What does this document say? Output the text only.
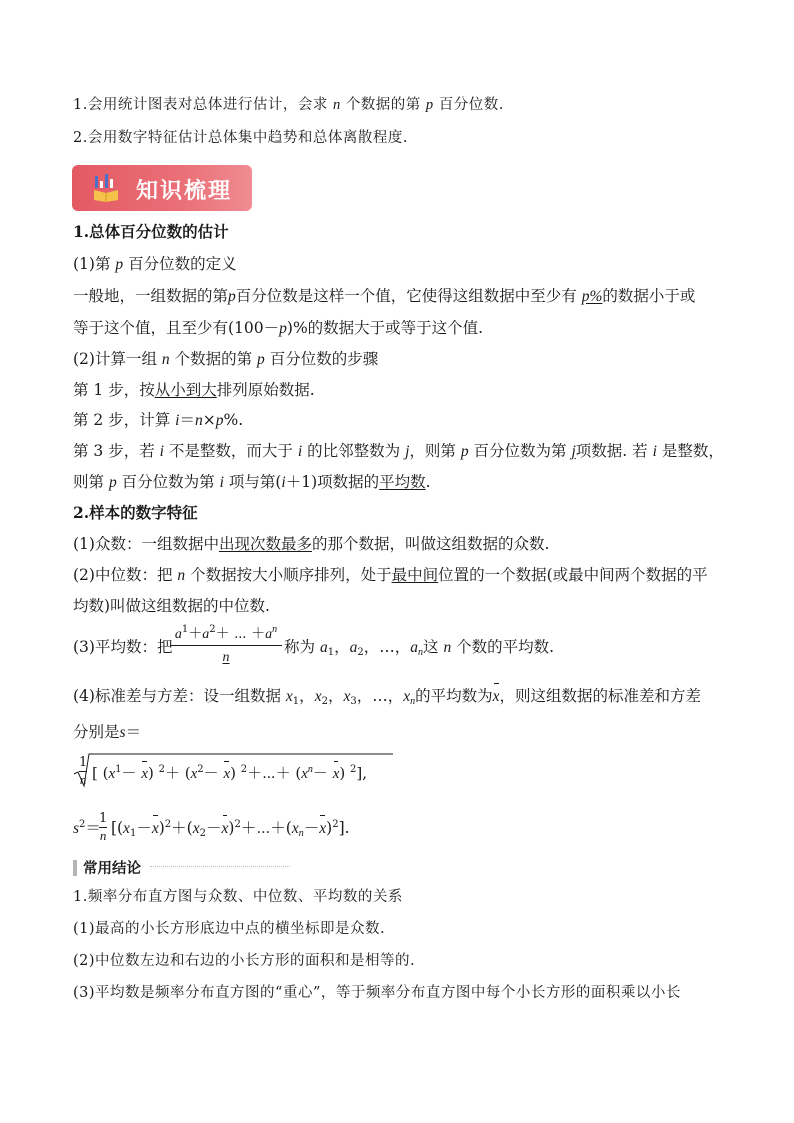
1.会用统计图表对总体进行估计，会求 n 个数据的第 p 百分位数.
2.会用数字特征估计总体集中趋势和总体离散程度.
知识梳理
1.总体百分位数的估计
(1)第 p 百分位数的定义
一般地，一组数据的第p百分位数是这样一个值，它使得这组数据中至少有 p%的数据小于或
等于这个值，且至少有(100－p)%的数据大于或等于这个值.
(2)计算一组 n 个数据的第 p 百分位数的步骤
第 1 步，按从小到大排列原始数据.
第 2 步，计算 i＝n×p%.
第 3 步，若 i 不是整数，而大于 i 的比邻整数为 j，则第 p 百分位数为第 j项数据. 若 i 是整数，
则第 p 百分位数为第 i 项与第(i＋1)项数据的平均数.
2.样本的数字特征
(1)众数：一组数据中出现次数最多的那个数据，叫做这组数据的众数.
(2)中位数：把 n 个数据按大小顺序排列，处于最中间位置的一个数据(或最中间两个数据的平
均数)叫做这组数据的中位数.
(3)平均数：把
$a^1+a^2+$ ⋯ $+a^n$
n
称为 $a_1$，$a_2$，…，$a_n$这 n 个数的平均数.
(4)标准差与方差：设一组数据 $x_1$，$x_2$，$x_3$，…，$x_n$的平均数为x，则这组数据的标准差和方差
分别是s＝
1
n [ $(x^1- x)$ $^2+ (x^2- x)$ $^2$＋⋯＋ $(x^n- x)$ $^2$],
$s^2=$ $[(x_1-x)^2+(x_2-x)^2+\cdots+(x_n-x)^2]$.
1
n
常用结论
1.频率分布直方图与众数、中位数、平均数的关系
(1)最高的小长方形底边中点的横坐标即是众数.
(2)中位数左边和右边的小长方形的面积和是相等的.
(3)平均数是频率分布直方图的“重心”，等于频率分布直方图中每个小长方形的面积乘以小长
